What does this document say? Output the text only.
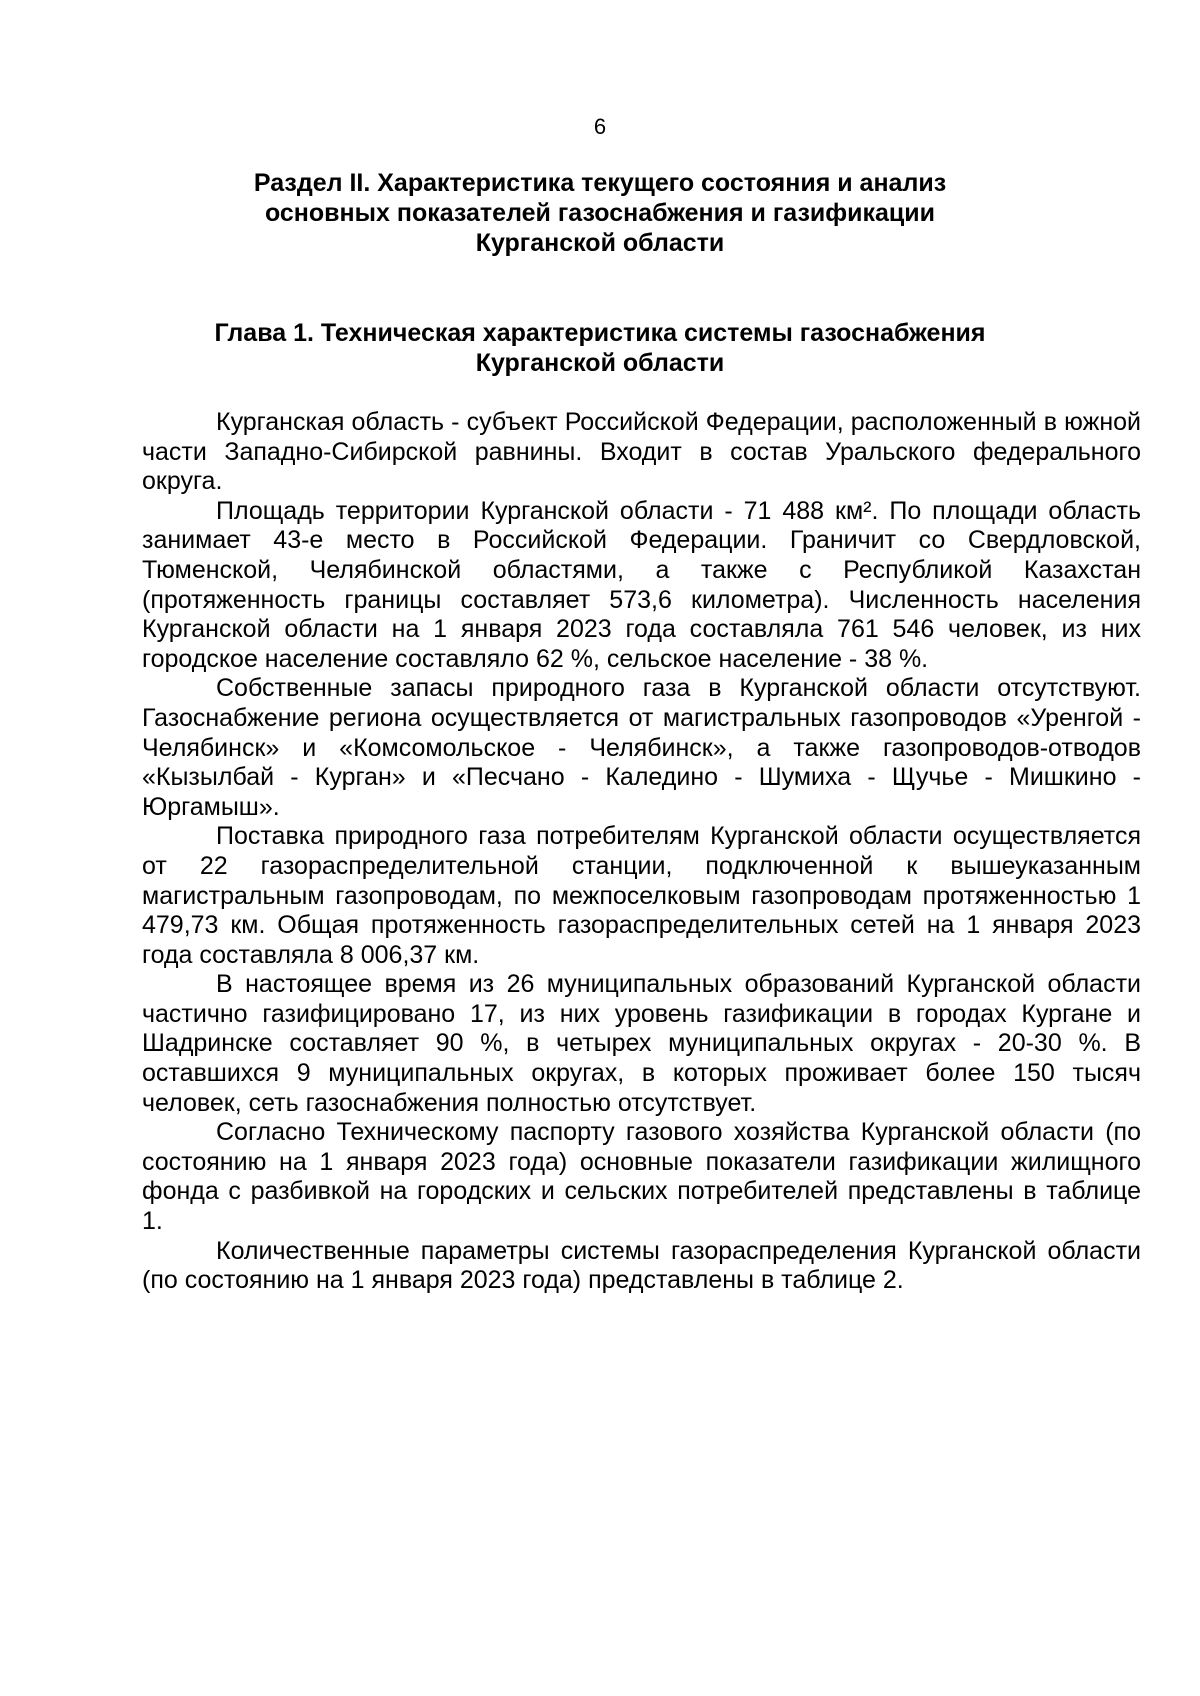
6
Раздел II. Характеристика текущего состояния и анализ
основных показателей газоснабжения и газификации
Курганской области
Глава 1. Техническая характеристика системы газоснабжения
Курганской области

Курганская область - субъект Российской Федерации, расположенный в южной части Западно-Сибирской равнины. Входит в состав Уральского федерального округа.

Площадь территории Курганской области - 71 488 км². По площади область занимает 43-е место в Российской Федерации. Граничит со Свердловской, Тюменской, Челябинской областями, а также с Республикой Казахстан (протяженность границы составляет 573,6 километра). Численность населения Курганской области на 1 января 2023 года составляла 761 546 человек, из них городское население составляло 62 %, сельское население - 38 %.

Собственные запасы природного газа в Курганской области отсутствуют. Газоснабжение региона осуществляется от магистральных газопроводов «Уренгой - Челябинск» и «Комсомольское - Челябинск», а также газопроводов-отводов «Кызылбай - Курган» и «Песчано - Каледино - Шумиха - Щучье - Мишкино - Юргамыш».

Поставка природного газа потребителям Курганской области осуществляется от 22 газораспределительной станции, подключенной к вышеуказанным магистральным газопроводам, по межпоселковым газопроводам протяженностью 1 479,73 км. Общая протяженность газораспределительных сетей на 1 января 2023 года составляла 8 006,37 км.

В настоящее время из 26 муниципальных образований Курганской области частично газифицировано 17, из них уровень газификации в городах Кургане и Шадринске составляет 90 %, в четырех муниципальных округах - 20-30 %. В оставшихся 9 муниципальных округах, в которых проживает более 150 тысяч человек, сеть газоснабжения полностью отсутствует.

Согласно Техническому паспорту газового хозяйства Курганской области (по состоянию на 1 января 2023 года) основные показатели газификации жилищного фонда с разбивкой на городских и сельских потребителей представлены в таблице 1.

Количественные параметры системы газораспределения Курганской области (по состоянию на 1 января 2023 года) представлены в таблице 2.
